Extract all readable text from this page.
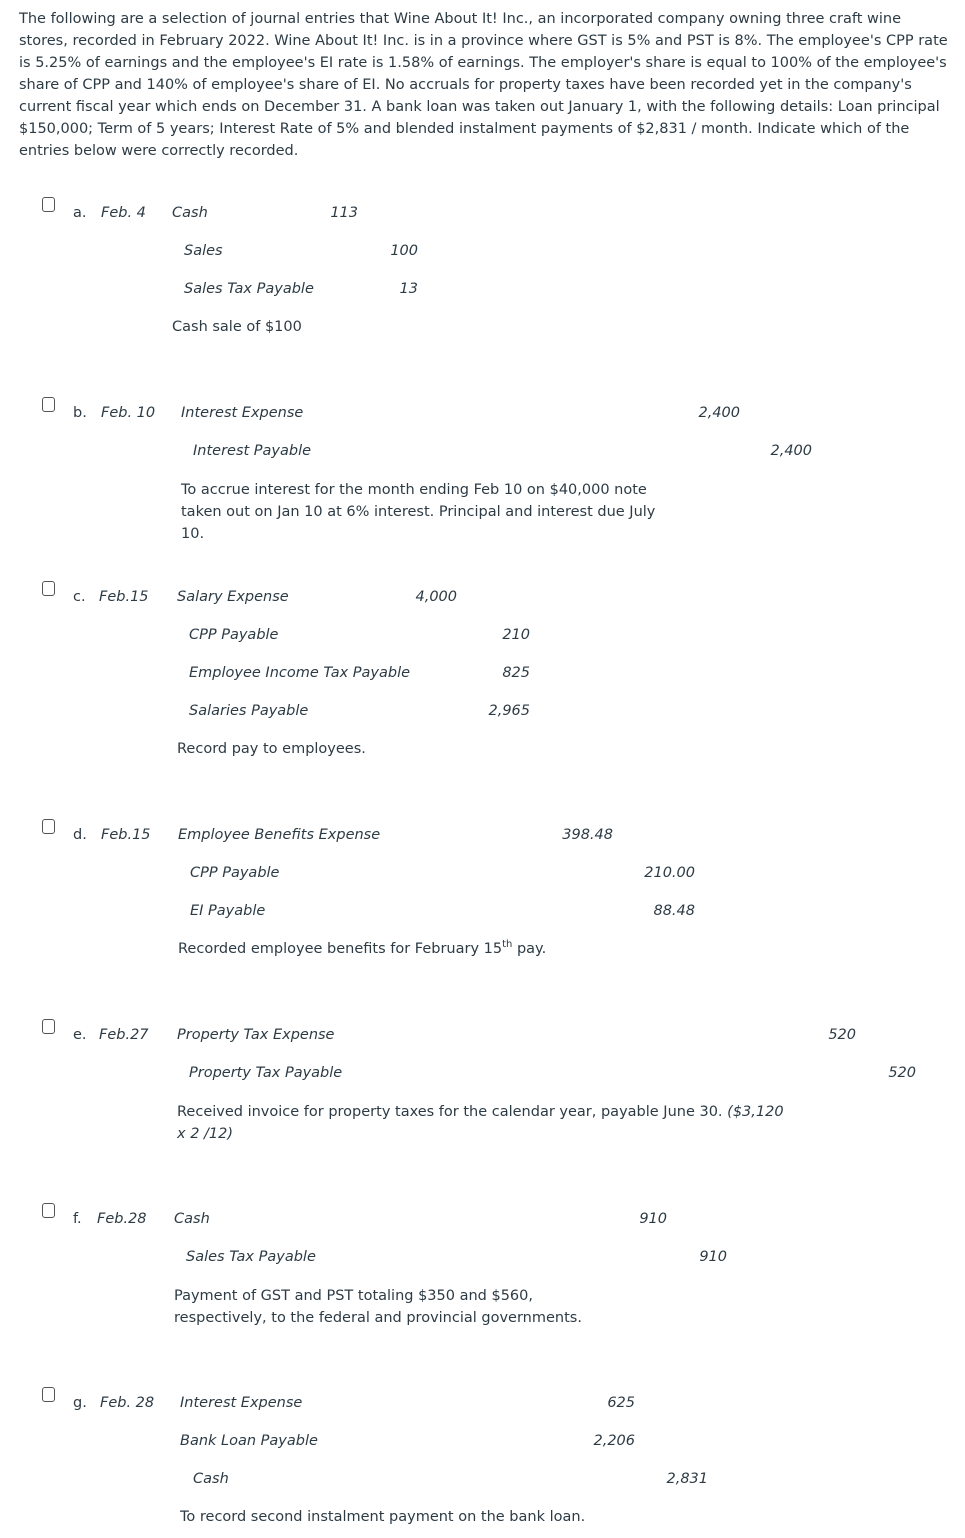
The following are a selection of journal entries that Wine About It! Inc., an incorporated company owning three craft wine stores, recorded in February 2022. Wine About It! Inc. is in a province where GST is 5% and PST is 8%. The employee's CPP rate is 5.25% of earnings and the employee's EI rate is 1.58% of earnings. The employer's share is equal to 100% of the employee's share of CPP and 140% of employee's share of EI. No accruals for property taxes have been recorded yet in the company's current fiscal year which ends on December 31. A bank loan was taken out January 1, with the following details: Loan principal $150,000; Term of 5 years; Interest Rate of 5% and blended instalment payments of $2,831 / month. Indicate which of the entries below were correctly recorded.
a. Feb. 4 Cash	113
Sales	100
Sales Tax Payable	13
Cash sale of $100
b. Feb. 10 Interest Expense	2,400
Interest Payable	2,400
To accrue interest for the month ending Feb 10 on $40,000 note taken out on Jan 10 at 6% interest. Principal and interest due July 10.
c. Feb.15 Salary Expense	4,000
CPP Payable	210
Employee Income Tax Payable	825
Salaries Payable	2,965
Record pay to employees.
d. Feb.15 Employee Benefits Expense	398.48
CPP Payable	210.00
EI Payable	88.48
Recorded employee benefits for February 15th pay.
e. Feb.27 Property Tax Expense	520
Property Tax Payable	520
Received invoice for property taxes for the calendar year, payable June 30. ($3,120 x 2 /12)
f. Feb.28 Cash	910
Sales Tax Payable	910
Payment of GST and PST totaling $350 and $560, respectively, to the federal and provincial governments.
g. Feb. 28 Interest Expense	625
Bank Loan Payable	2,206
Cash	2,831
To record second instalment payment on the bank loan.
